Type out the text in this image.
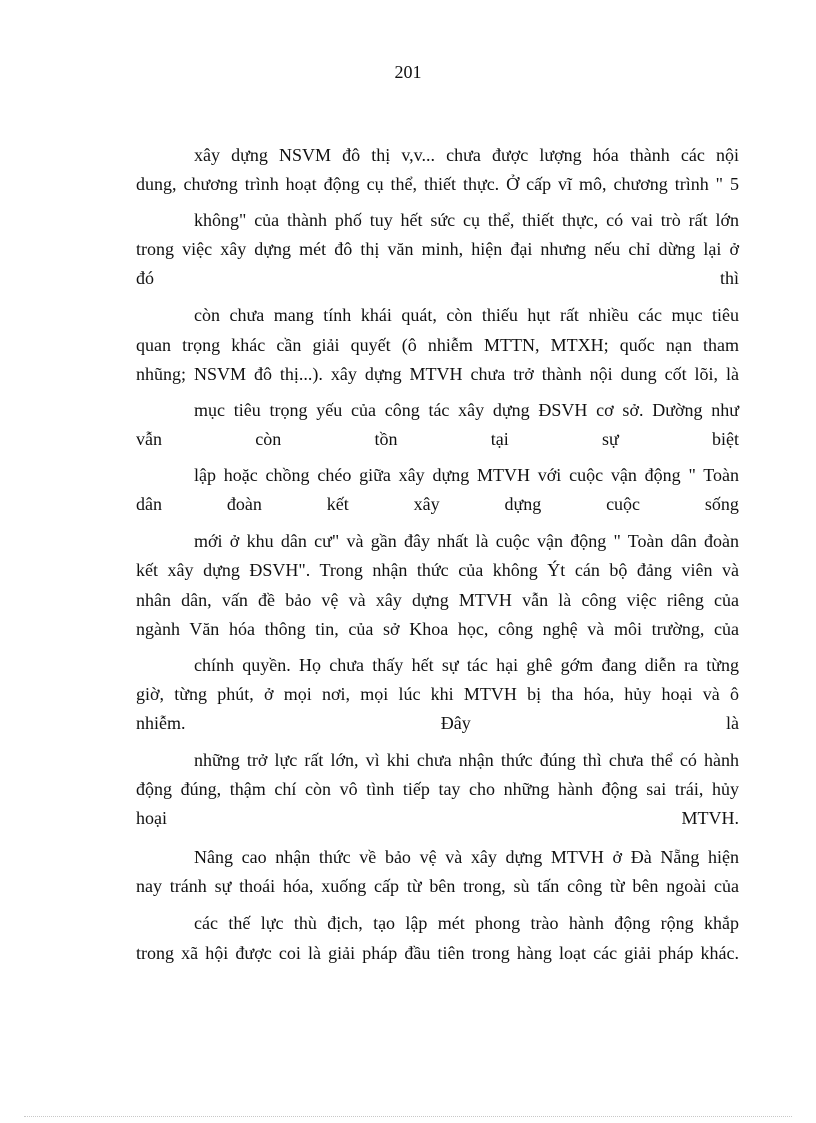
201
xây dựng NSVM đô thị v,v... chưa được lượng hóa thành các nội
dung, chương trình hoạt động cụ thể, thiết thực. Ở cấp vĩ mô, chương trình " 5
không" của thành phố tuy hết sức cụ thể, thiết thực, có vai trò rất lớn
trong việc xây dựng mét đô thị văn minh, hiện đại nhưng nếu chỉ dừng lại ở
đó	thì
còn chưa mang tính khái quát, còn thiếu hụt rất nhiều các mục tiêu
quan trọng khác cần giải quyết (ô nhiễm MTTN, MTXH; quốc nạn tham
nhũng; NSVM đô thị...). xây dựng MTVH chưa trở thành nội dung cốt lõi, là
mục tiêu trọng yếu của công tác xây dựng ĐSVH cơ sở. Dường như
vẫn	còn	tồn	tại	sự	biệt
lập hoặc chồng chéo giữa xây dựng MTVH với cuộc vận động " Toàn
dân	đoàn	kết	xây	dựng	cuộc	sống
mới ở khu dân cư" và gần đây nhất là cuộc vận động " Toàn dân đoàn
kết xây dựng ĐSVH". Trong nhận thức của không Ýt cán bộ đảng viên và
nhân dân, vấn đề bảo vệ và xây dựng MTVH vẫn là công việc riêng của
ngành Văn hóa thông tin, của sở Khoa học, công nghệ và môi trường, của
chính quyền. Họ chưa thấy hết sự tác hại ghê gớm đang diễn ra từng
giờ, từng phút, ở mọi nơi, mọi lúc khi MTVH bị tha hóa, hủy hoại và ô
nhiễm.	Đây	là
những trở lực rất lớn, vì khi chưa nhận thức đúng thì chưa thể có hành
động đúng, thậm chí còn vô tình tiếp tay cho những hành động sai trái, hủy
hoại	MTVH.
Nâng cao nhận thức về bảo vệ và xây dựng MTVH ở Đà Nẵng hiện
nay tránh sự thoái hóa, xuống cấp từ bên trong, sù tấn công từ bên ngoài của
các thế lực thù địch, tạo lập mét phong trào hành động rộng khắp
trong xã hội được coi là giải pháp đầu tiên trong hàng loạt các giải pháp khác.
